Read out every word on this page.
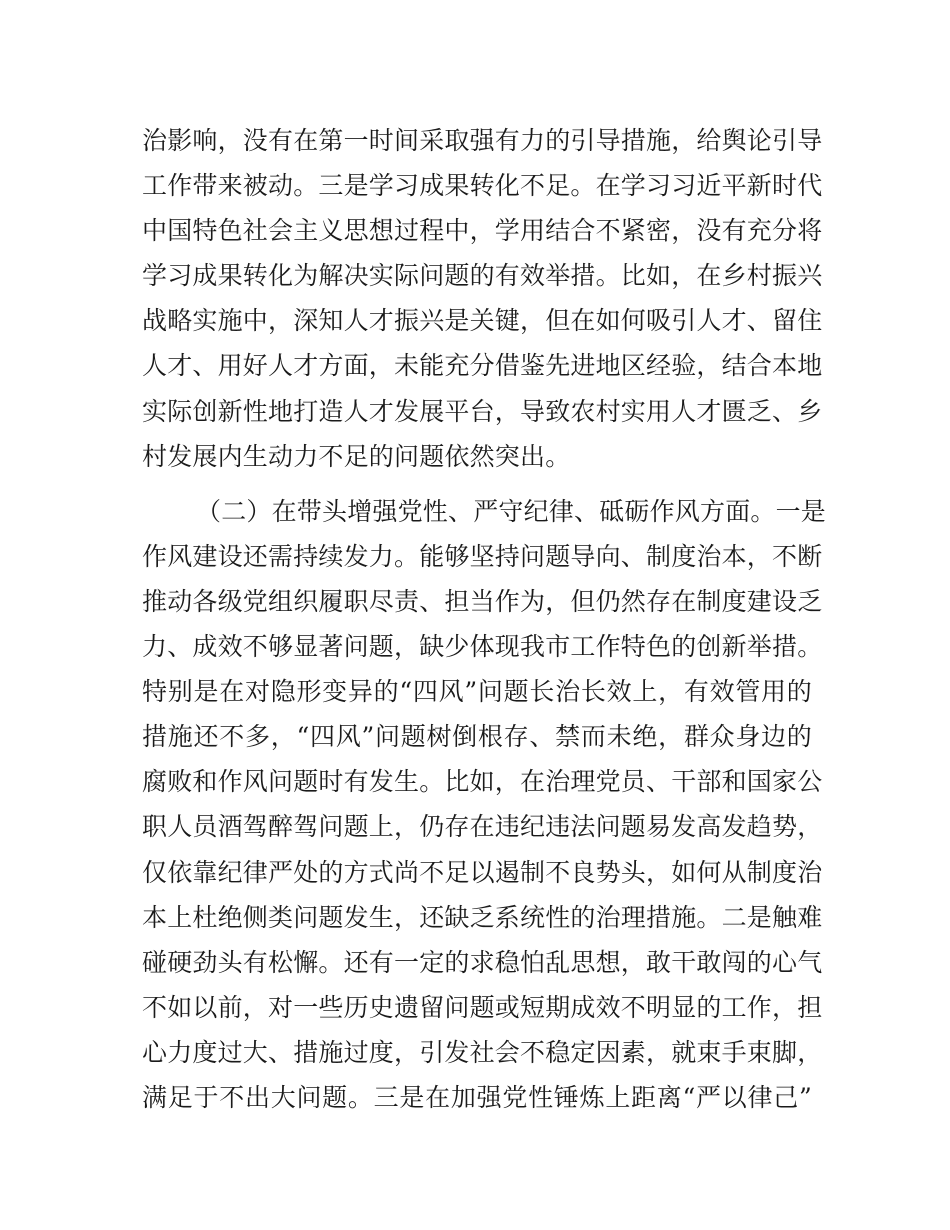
治影响，没有在第一时间采取强有力的引导措施，给舆论引导
工作带来被动。三是学习成果转化不足。在学习习近平新时代
中国特色社会主义思想过程中，学用结合不紧密，没有充分将
学习成果转化为解决实际问题的有效举措。比如，在乡村振兴
战略实施中，深知人才振兴是关键，但在如何吸引人才、留住
人才、用好人才方面，未能充分借鉴先进地区经验，结合本地
实际创新性地打造人才发展平台，导致农村实用人才匮乏、乡
村发展内生动力不足的问题依然突出。
（二）在带头增强党性、严守纪律、砥砺作风方面。一是
作风建设还需持续发力。能够坚持问题导向、制度治本，不断
推动各级党组织履职尽责、担当作为，但仍然存在制度建设乏
力、成效不够显著问题，缺少体现我市工作特色的创新举措。
特别是在对隐形变异的“四风”问题长治长效上，有效管用的
措施还不多，“四风”问题树倒根存、禁而未绝，群众身边的
腐败和作风问题时有发生。比如，在治理党员、干部和国家公
职人员酒驾醉驾问题上，仍存在违纪违法问题易发高发趋势，
仅依靠纪律严处的方式尚不足以遏制不良势头，如何从制度治
本上杜绝侧类问题发生，还缺乏系统性的治理措施。二是触难
碰硬劲头有松懈。还有一定的求稳怕乱思想，敢干敢闯的心气
不如以前，对一些历史遗留问题或短期成效不明显的工作，担
心力度过大、措施过度，引发社会不稳定因素，就束手束脚，
满足于不出大问题。三是在加强党性锤炼上距离“严以律己”
